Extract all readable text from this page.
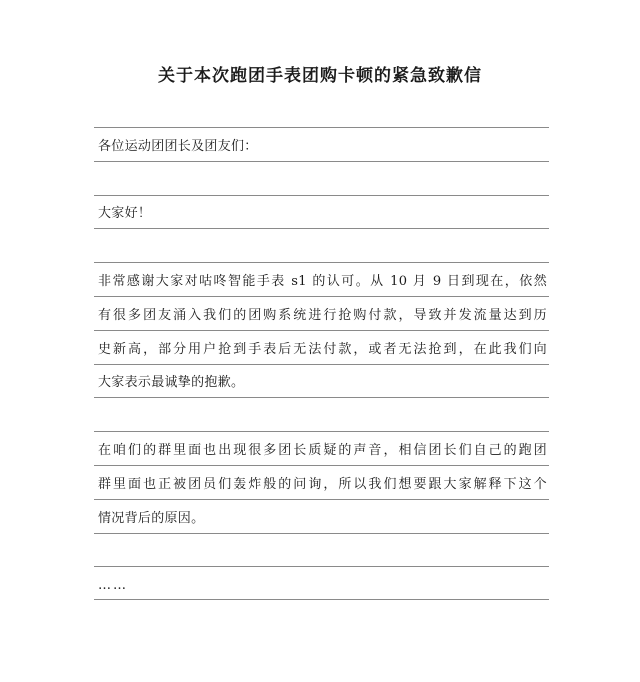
关于本次跑团手表团购卡顿的紧急致歉信
各位运动团团长及团友们：
大家好！
非常感谢大家对咕咚智能手表 s1 的认可。从 10 月 9 日到现在，依然
有很多团友涌入我们的团购系统进行抢购付款，导致并发流量达到历
史新高，部分用户抢到手表后无法付款，或者无法抢到，在此我们向
大家表示最诚挚的抱歉。
在咱们的群里面也出现很多团长质疑的声音，相信团长们自己的跑团
群里面也正被团员们轰炸般的问询，所以我们想要跟大家解释下这个
情况背后的原因。
……
